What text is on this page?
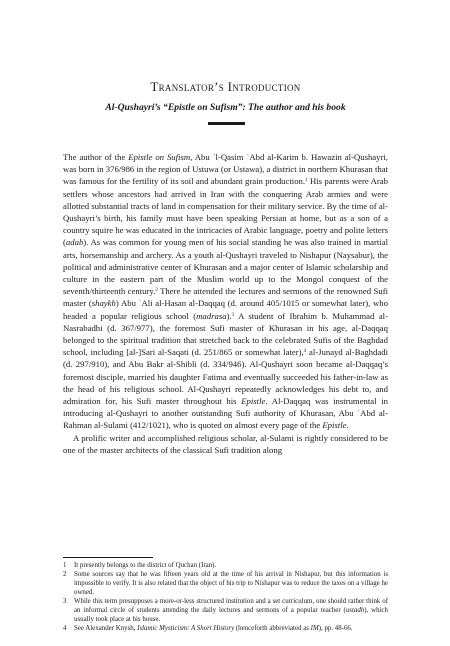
Translator’s Introduction
Al-Qushayri’s “Epistle on Sufism”: The author and his book

The author of the Epistle on Sufism, Abu ʾl-Qasim ʿAbd al-Karim b. Hawazin al-Qushayri, was born in 376/986 in the region of Ustuwa (or Ustawa), a district in northern Khurasan that was famous for the fertility of its soil and abundant grain production.$^1$ His parents were Arab settlers whose ancestors had arrived in Iran with the conquering Arab armies and were allotted substantial tracts of land in compensation for their military service. By the time of al-Qushayri’s birth, his family must have been speaking Persian at home, but as a son of a country squire he was educated in the intricacies of Arabic language, poetry and polite letters (adab). As was common for young men of his social standing he was also trained in martial arts, horsemanship and archery. As a youth al-Qushayri traveled to Nishapur (Naysabur), the political and administrative center of Khurasan and a major center of Islamic scholarship and culture in the eastern part of the Muslim world up to the Mongol conquest of the seventh/thirteenth century.$^2$ There he attended the lectures and sermons of the renowned Sufi master (shaykh) Abu ʿAli al-Hasan al-Daqqaq (d. around 405/1015 or somewhat later), who headed a popular religious school (madrasa).$^3$ A student of Ibrahim b. Muhammad al-Nasrabadhi (d. 367/977), the foremost Sufi master of Khurasan in his age, al-Daqqaq belonged to the spiritual tradition that stretched back to the celebrated Sufis of the Baghdad school, including [al-]Sari al-Saqati (d. 251/865 or somewhat later),$^4$ al-Junayd al-Baghdadi (d. 297/910), and Abu Bakr al-Shibli (d. 334/946). Al-Qushayri soon became al-Daqqaq’s foremost disciple, married his daughter Fatima and eventually succeeded his father-in-law as the head of his religious school. Al-Qushayri repeatedly acknowledges his debt to, and admiration for, his Sufi master throughout his Epistle. Al-Daqqaq was instrumental in introducing al-Qushayri to another outstanding Sufi authority of Khurasan, Abu ʿAbd al-Rahman al-Sulami (412/1021), who is quoted on almost every page of the Epistle.

A prolific writer and accomplished religious scholar, al-Sulami is rightly considered to be one of the master architects of the classical Sufi tradition along

1 It presently belongs to the district of Quchan (Iran).
2 Some sources say that he was fifteen years old at the time of his arrival in Nishapur, but this information is impossible to verify. It is also related that the object of his trip to Nishapur was to reduce the taxes on a village he owned.
3 While this term presupposes a more-or-less structured institution and a set curriculum, one should rather think of an informal circle of students attending the daily lectures and sermons of a popular teacher (ustadh), which usually took place at his house.
4 See Alexander Knysh, Islamic Mysticism: A Short History (henceforth abbreviated as IM), pp. 48-66.
